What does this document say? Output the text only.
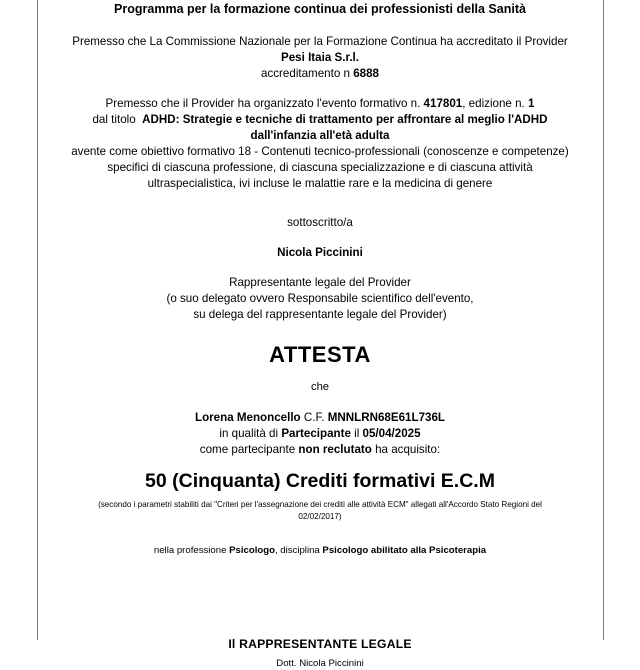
Programma per la formazione continua dei professionisti della Sanità

Premesso che La Commissione Nazionale per la Formazione Continua ha accreditato il Provider

Pesi Itaia S.r.l.

accreditamento n 6888

Premesso che il Provider ha organizzato l'evento formativo n. 417801, edizione n. 1

dal titolo ADHD: Strategie e tecniche di trattamento per affrontare al meglio l'ADHD

dall'infanzia all'età adulta

avente come obiettivo formativo 18 - Contenuti tecnico-professionali (conoscenze e competenze)

specifici di ciascuna professione, di ciascuna specializzazione e di ciascuna attività

ultraspecialistica, ivi incluse le malattie rare e la medicina di genere

sottoscritto/a

Nicola Piccinini

Rappresentante legale del Provider

(o suo delegato ovvero Responsabile scientifico dell'evento,

su delega del rappresentante legale del Provider)

ATTESTA

che

Lorena Menoncello C.F. MNNLRN68E61L736L

in qualità di Partecipante il 05/04/2025

come partecipante non reclutato ha acquisito:

50 (Cinquanta) Crediti formativi E.C.M

(secondo i parametri stabiliti dai "Criteri per l'assegnazione dei crediti alle attività ECM" allegati all'Accordo Stato Regioni del

02/02/2017)

nella professione Psicologo, disciplina Psicologo abilitato alla Psicoterapia

Il RAPPRESENTANTE LEGALE

Dott. Nicola Piccinini
